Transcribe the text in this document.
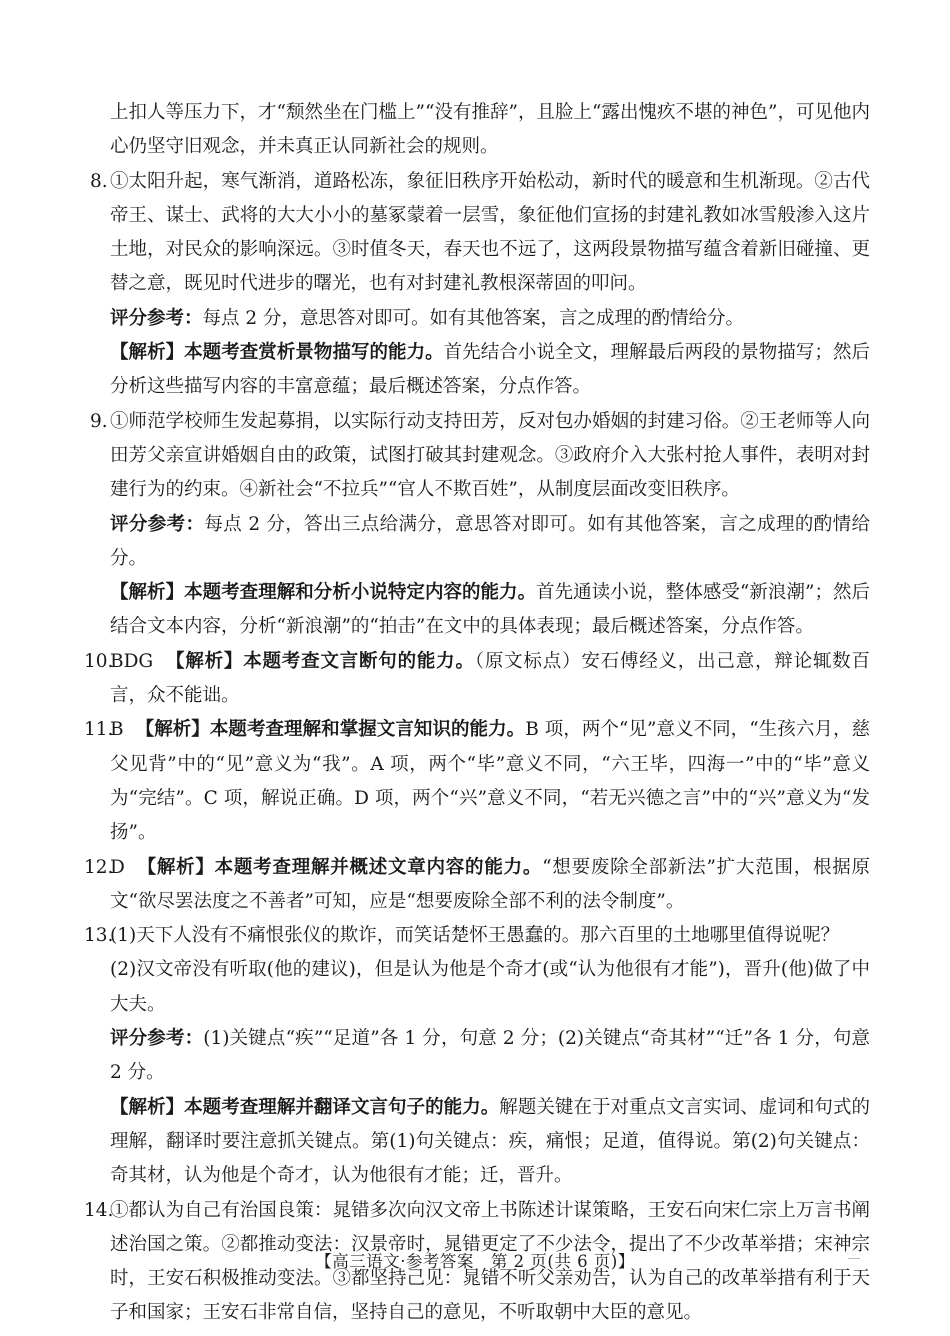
上扣人等压力下，才“颓然坐在门槛上”“没有推辞”，且脸上“露出愧疚不堪的神色”，可见他内心仍坚守旧观念，并未真正认同新社会的规则。

8. ①太阳升起，寒气渐消，道路松冻，象征旧秩序开始松动，新时代的暖意和生机渐现。②古代帝王、谋士、武将的大大小小的墓冢蒙着一层雪，象征他们宣扬的封建礼教如冰雪般渗入这片土地，对民众的影响深远。③时值冬天，春天也不远了，这两段景物描写蕴含着新旧碰撞、更替之意，既见时代进步的曙光，也有对封建礼教根深蒂固的叩问。

评分参考：每点 2 分，意思答对即可。如有其他答案，言之成理的酌情给分。

【解析】本题考查赏析景物描写的能力。首先结合小说全文，理解最后两段的景物描写；然后分析这些描写内容的丰富意蕴；最后概述答案，分点作答。

9. ①师范学校师生发起募捐，以实际行动支持田芳，反对包办婚姻的封建习俗。②王老师等人向田芳父亲宣讲婚姻自由的政策，试图打破其封建观念。③政府介入大张村抢人事件，表明对封建行为的约束。④新社会“不拉兵”“官人不欺百姓”，从制度层面改变旧秩序。

评分参考：每点 2 分，答出三点给满分，意思答对即可。如有其他答案，言之成理的酌情给分。

【解析】本题考查理解和分析小说特定内容的能力。首先通读小说，整体感受“新浪潮”；然后结合文本内容，分析“新浪潮”的“拍击”在文中的具体表现；最后概述答案，分点作答。

10.
BDG 【解析】本题考查文言断句的能力。（原文标点）安石傅经义，出己意，辩论辄数百言，众不能诎。
11.
B 【解析】本题考查理解和掌握文言知识的能力。B 项，两个“见”意义不同，“生孩六月，慈父见背”中的“见”意义为“我”。A 项，两个“毕”意义不同，“六王毕，四海一”中的“毕”意义为“完结”。C 项，解说正确。D 项，两个“兴”意义不同，“若无兴德之言”中的“兴”意义为“发扬”。
12.
D 【解析】本题考查理解并概述文章内容的能力。“想要废除全部新法”扩大范围，根据原文“欲尽罢法度之不善者”可知，应是“想要废除全部不利的法令制度”。
13.
(1)天下人没有不痛恨张仪的欺诈，而笑话楚怀王愚蠢的。那六百里的土地哪里值得说呢？

(2)汉文帝没有听取(他的建议)，但是认为他是个奇才(或“认为他很有才能”)，晋升(他)做了中大夫。

评分参考：(1)关键点“疾”“足道”各 1 分，句意 2 分；(2)关键点“奇其材”“迁”各 1 分，句意 2 分。

【解析】本题考查理解并翻译文言句子的能力。解题关键在于对重点文言实词、虚词和句式的理解，翻译时要注意抓关键点。第(1)句关键点：疾，痛恨；足道，值得说。第(2)句关键点：奇其材，认为他是个奇才，认为他很有才能；迁，晋升。

14.
①都认为自己有治国良策：晁错多次向汉文帝上书陈述计谋策略，王安石向宋仁宗上万言书阐述治国之策。②都推动变法：汉景帝时，晁错更定了不少法令，提出了不少改革举措；宋神宗时，王安石积极推动变法。③都坚持己见：晁错不听父亲劝告，认为自己的改革举措有利于天子和国家；王安石非常自信，坚持自己的意见，不听取朝中大臣的意见。
【高三语文·参考答案　第 2 页(共 6 页)】
